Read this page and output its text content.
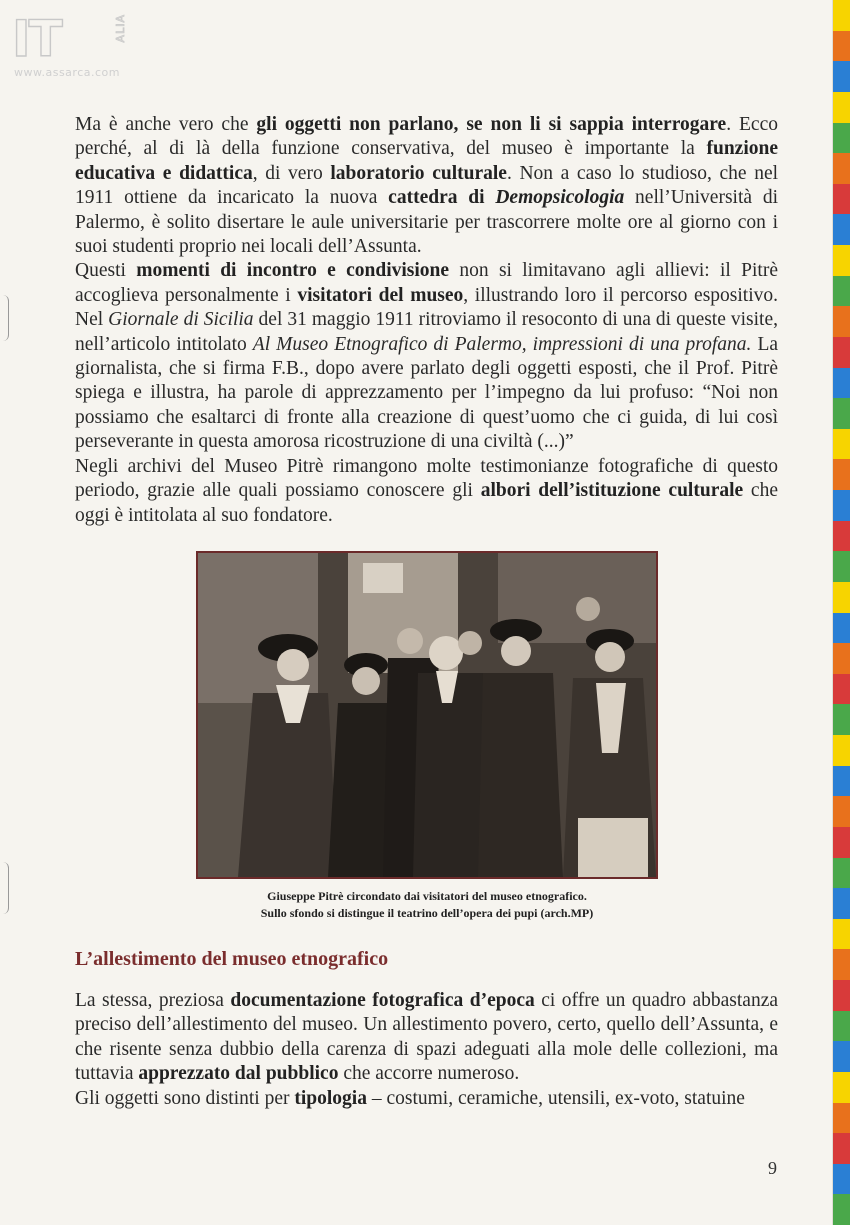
IT	ALIA
www.assarca.com

Ma è anche vero che gli oggetti non parlano, se non li si sappia interrogare. Ecco perché, al di là della funzione conservativa, del museo è importante la funzione educativa e didattica, di vero laboratorio culturale. Non a caso lo studioso, che nel 1911 ottiene da incaricato la nuova cattedra di Demopsicologia nell’Università di Palermo, è solito disertare le aule universitarie per trascorrere molte ore al giorno con i suoi studenti proprio nei locali dell’Assunta.

Questi momenti di incontro e condivisione non si limitavano agli allievi: il Pitrè accoglieva personalmente i visitatori del museo, illustrando loro il percorso espositivo. Nel Giornale di Sicilia del 31 maggio 1911 ritroviamo il resoconto di una di queste visite, nell’articolo intitolato Al Museo Etnografico di Palermo, impressioni di una profana. La giornalista, che si firma F.B., dopo avere parlato degli oggetti esposti, che il Prof. Pitrè spiega e illustra, ha parole di apprezzamento per l’impegno da lui profuso: “Noi non possiamo che esaltarci di fronte alla creazione di quest’uomo che ci guida, di lui così perseverante in questa amorosa ricostruzione di una civiltà (...)”

Negli archivi del Museo Pitrè rimangono molte testimonianze fotografiche di questo periodo, grazie alle quali possiamo conoscere gli albori dell’istituzione culturale che oggi è intitolata al suo fondatore.

Giuseppe Pitrè circondato dai visitatori del museo etnografico.
Sullo sfondo si distingue il teatrino dell’opera dei pupi (arch.MP)
L’allestimento del museo etnografico

La stessa, preziosa documentazione fotografica d’epoca ci offre un quadro abbastanza preciso dell’allestimento del museo. Un allestimento povero, certo, quello dell’Assunta, e che risente senza dubbio della carenza di spazi adeguati alla mole delle collezioni, ma tuttavia apprezzato dal pubblico che accorre numeroso.

Gli oggetti sono distinti per tipologia – costumi, ceramiche, utensili, ex-voto, statuine

9
